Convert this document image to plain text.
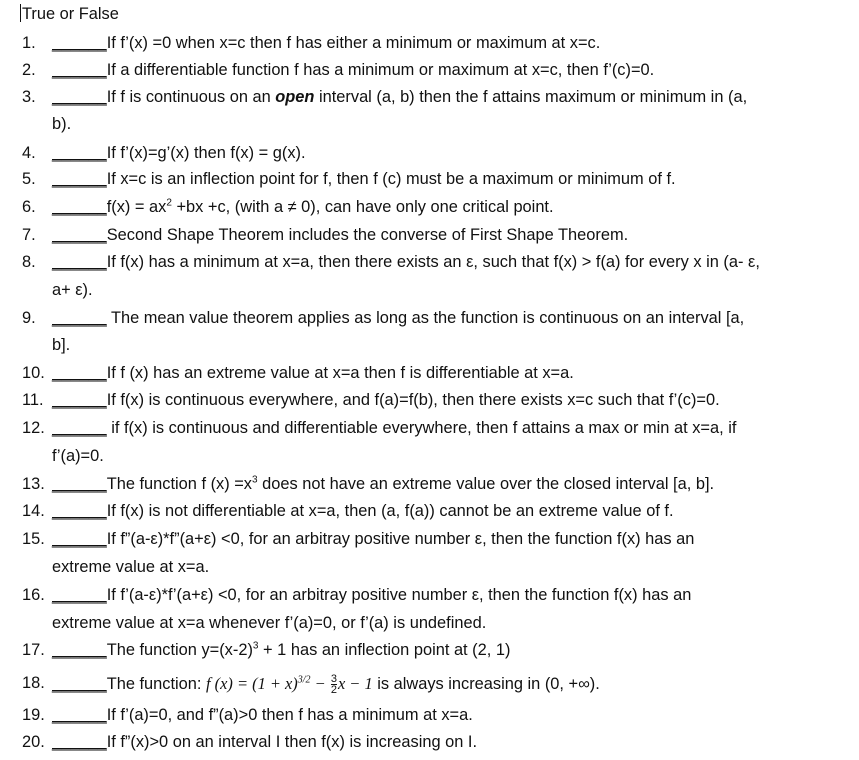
True or False
1. ______If f’(x) =0 when x=c then f has either a minimum or maximum at x=c.
2. ______If a differentiable function f has a minimum or maximum at x=c, then f’(c)=0.
3. ______If f is continuous on an open interval (a, b) then the f attains maximum or minimum in (a,
b).
4. ______If f’(x)=g’(x) then f(x) = g(x).
5. ______If x=c is an inflection point for f, then f (c) must be a maximum or minimum of f.
6. ______f(x) = $ax^2 +bx +c$, (with a ≠ 0), can have only one critical point.
7. ______Second Shape Theorem includes the converse of First Shape Theorem.
8. ______If f(x) has a minimum at x=a, then there exists an ε, such that f(x) > f(a) for every x in (a- ε,
a+ ε).
9. ______ The mean value theorem applies as long as the function is continuous on an interval [a,
b].
10. ______If f (x) has an extreme value at x=a then f is differentiable at x=a.
11. ______If f(x) is continuous everywhere, and f(a)=f(b), then there exists x=c such that f’(c)=0.
12. ______ if f(x) is continuous and differentiable everywhere, then f attains a max or min at x=a, if
f’(a)=0.
13. ______The function f $(x) =x^3$ does not have an extreme value over the closed interval [a, b].
14. ______If f(x) is not differentiable at x=a, then (a, f(a)) cannot be an extreme value of f.
15. ______If f”(a-ε)*f”(a+ε) <0, for an arbitray positive number ε, then the function f(x) has an
extreme value at x=a.
16. ______If f’(a-ε)*f’(a+ε) <0, for an arbitray positive number ε, then the function f(x) has an
extreme value at x=a whenever f’(a)=0, or f’(a) is undefined.
17. ______The function $y=(x-2)^3 + 1$ has an inflection point at (2, 1)
18. ______The function: f $(x) = (1 + x)^{3/2} - \frac{3}{2}$ x − 1 is always increasing in (0, +∞).
19. ______If f’(a)=0, and f”(a)>0 then f has a minimum at x=a.
20. ______If f”(x)>0 on an interval I then f(x) is increasing on I.
